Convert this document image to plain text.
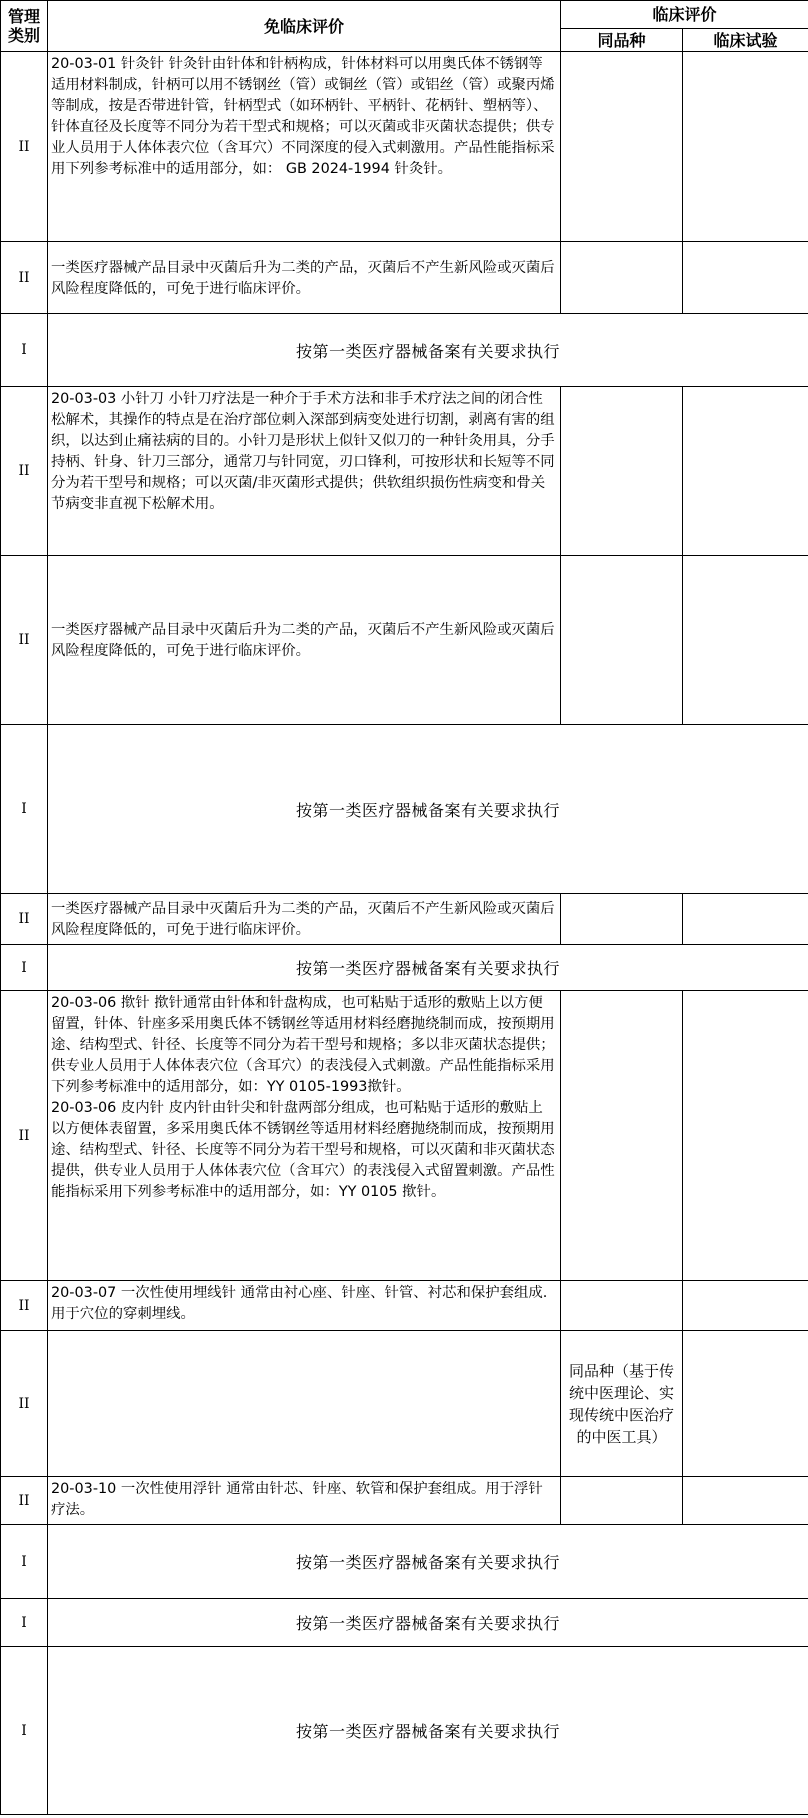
管理类别	免临床评价	临床评价	
		同品种	临床试验
II	20-03-01 针灸针 针灸针由针体和针柄构成，针体材料可以用奥氏体不锈钢等适用材料制成，针柄可以用不锈钢丝（管）或铜丝（管）或铝丝（管）或聚丙烯等制成，按是否带进针管，针柄型式（如环柄针、平柄针、花柄针、塑柄等）、针体直径及长度等不同分为若干型式和规格；可以灭菌或非灭菌状态提供；供专业人员用于人体体表穴位（含耳穴）不同深度的侵入式刺激用。产品性能指标采用下列参考标准中的适用部分，如： GB 2024-1994 针灸针。		
II	一类医疗器械产品目录中灭菌后升为二类的产品，灭菌后不产生新风险或灭菌后风险程度降低的，可免于进行临床评价。		
I	按第一类医疗器械备案有关要求执行		
II	20-03-03 小针刀 小针刀疗法是一种介于手术方法和非手术疗法之间的闭合性松解术，其操作的特点是在治疗部位刺入深部到病变处进行切割，剥离有害的组织，以达到止痛祛病的目的。小针刀是形状上似针又似刀的一种针灸用具，分手持柄、针身、针刀三部分，通常刀与针同宽，刃口锋利，可按形状和长短等不同分为若干型号和规格；可以灭菌/非灭菌形式提供；供软组织损伤性病变和骨关节病变非直视下松解术用。		
II	一类医疗器械产品目录中灭菌后升为二类的产品，灭菌后不产生新风险或灭菌后风险程度降低的，可免于进行临床评价。		
I	按第一类医疗器械备案有关要求执行		
II	一类医疗器械产品目录中灭菌后升为二类的产品，灭菌后不产生新风险或灭菌后风险程度降低的，可免于进行临床评价。		
I	按第一类医疗器械备案有关要求执行		
II	20-03-06 揿针 揿针通常由针体和针盘构成，也可粘贴于适形的敷贴上以方便留置，针体、针座多采用奥氏体不锈钢丝等适用材料经磨抛绕制而成，按预期用途、结构型式、针径、长度等不同分为若干型号和规格；多以非灭菌状态提供；供专业人员用于人体体表穴位（含耳穴）的表浅侵入式刺激。产品性能指标采用下列参考标准中的适用部分，如：YY 0105-1993揿针。
20-03-06 皮内针 皮内针由针尖和针盘两部分组成，也可粘贴于适形的敷贴上以方便体表留置，多采用奥氏体不锈钢丝等适用材料经磨抛绕制而成，按预期用途、结构型式、针径、长度等不同分为若干型号和规格，可以灭菌和非灭菌状态提供，供专业人员用于人体体表穴位（含耳穴）的表浅侵入式留置刺激。产品性能指标采用下列参考标准中的适用部分，如：YY 0105 揿针。		

II	20-03-07 一次性使用埋线针 通常由衬心座、针座、针管、衬芯和保护套组成.用于穴位的穿刺埋线。		
II		同品种（基于传统中医理论、实现传统中医治疗的中医工具）	
II	20-03-10 一次性使用浮针 通常由针芯、针座、软管和保护套组成。用于浮针疗法。		
I	按第一类医疗器械备案有关要求执行		
I	按第一类医疗器械备案有关要求执行		
I	按第一类医疗器械备案有关要求执行		
